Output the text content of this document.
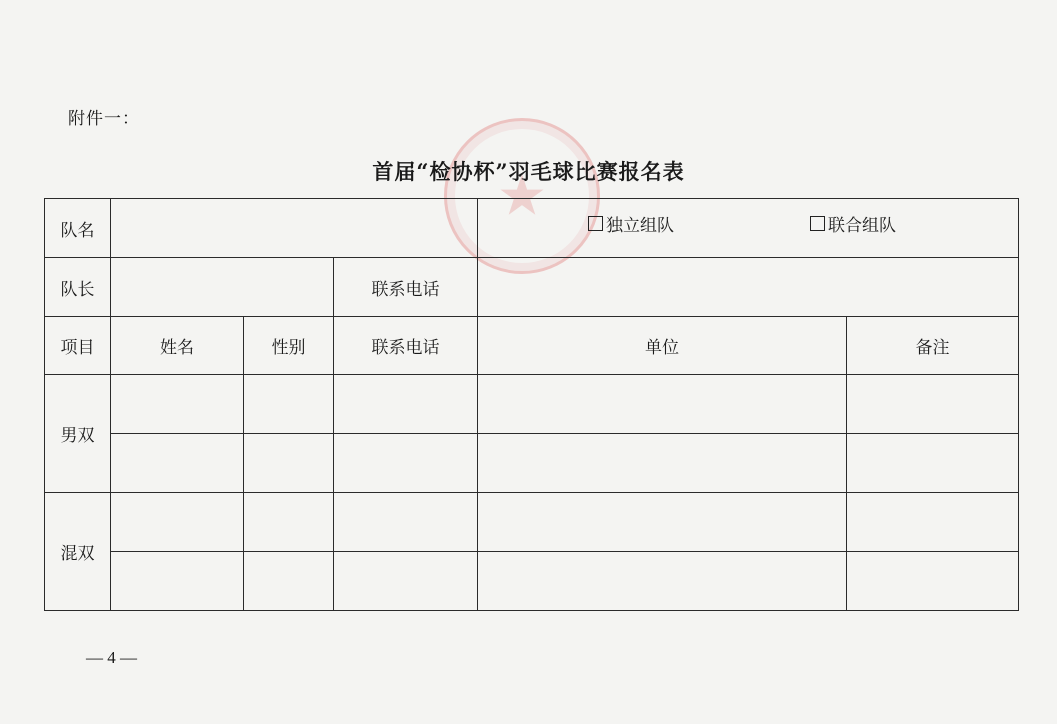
★
附件一：
首届“检协杯”羽毛球比赛报名表
队名				独立组队 联合组队	

队长			联系电话		
项目	姓名	性别	联系电话	单位	备注
男双					

混双					

— 4 —
